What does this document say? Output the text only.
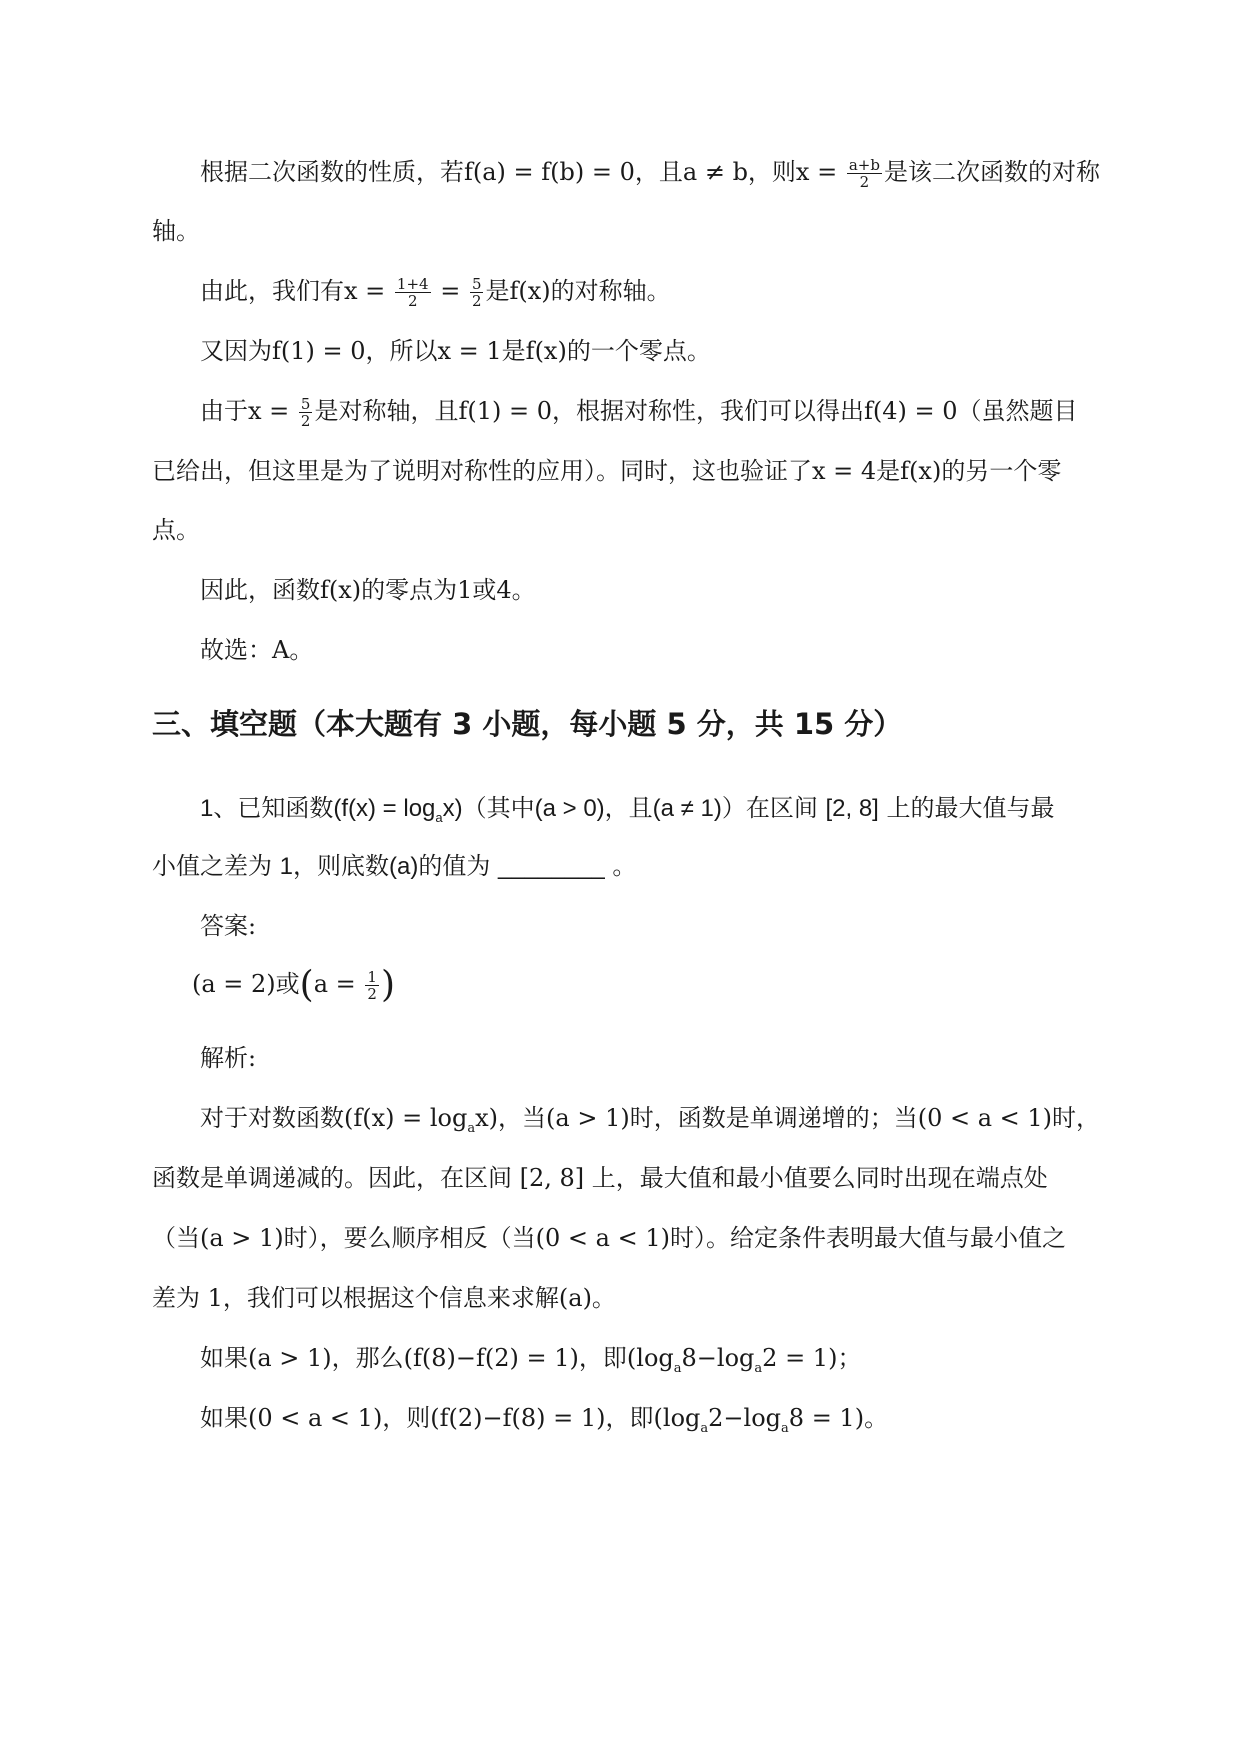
根据二次函数的性质，若f(a) = f(b) = 0，且a ≠ b，则$x = \frac{a+b}{2}$ 是该二次函数的对称
轴。
由此，我们有$x = \frac{1+4}{2} = \frac{5}{2}$ 是f(x)的对称轴。
又因为f(1) = 0，所以x = 1是f(x)的一个零点。
由于$x = \frac{5}{2}$ 是对称轴，且f(1) = 0，根据对称性，我们可以得出f(4) = 0（虽然题目
已给出，但这里是为了说明对称性的应用）。同时，这也验证了x = 4是f(x)的另一个零
点。
因此，函数f(x)的零点为1或4。
故选：A。
三、填空题（本大题有 3 小题，每小题 5 分，共 15 分）
1、已知函数$(f(x) = \log_ax)$（其中(a > 0)，且(a ≠ 1)）在区间 [2, 8] 上的最大值与最
小值之差为 1，则底数(a)的值为 ________ 。
答案:
(a = 2)或($a = \frac{1}{2}$ )
解析:
对于对数函数$(f(x) = \log_ax)$，当(a > 1)时，函数是单调递增的；当(0 < a < 1)时，
函数是单调递减的。因此，在区间 [2, 8] 上，最大值和最小值要么同时出现在端点处
（当(a > 1)时），要么顺序相反（当(0 < a < 1)时）。给定条件表明最大值与最小值之
差为 1，我们可以根据这个信息来求解(a)。
如果(a > 1)，那么(f(8)−f(2) = 1)，即$(\log_a8-\log_a2 = 1)$；
如果(0 < a < 1)，则(f(2)−f(8) = 1)，即$(\log_a2-\log_a8 = 1)$。
